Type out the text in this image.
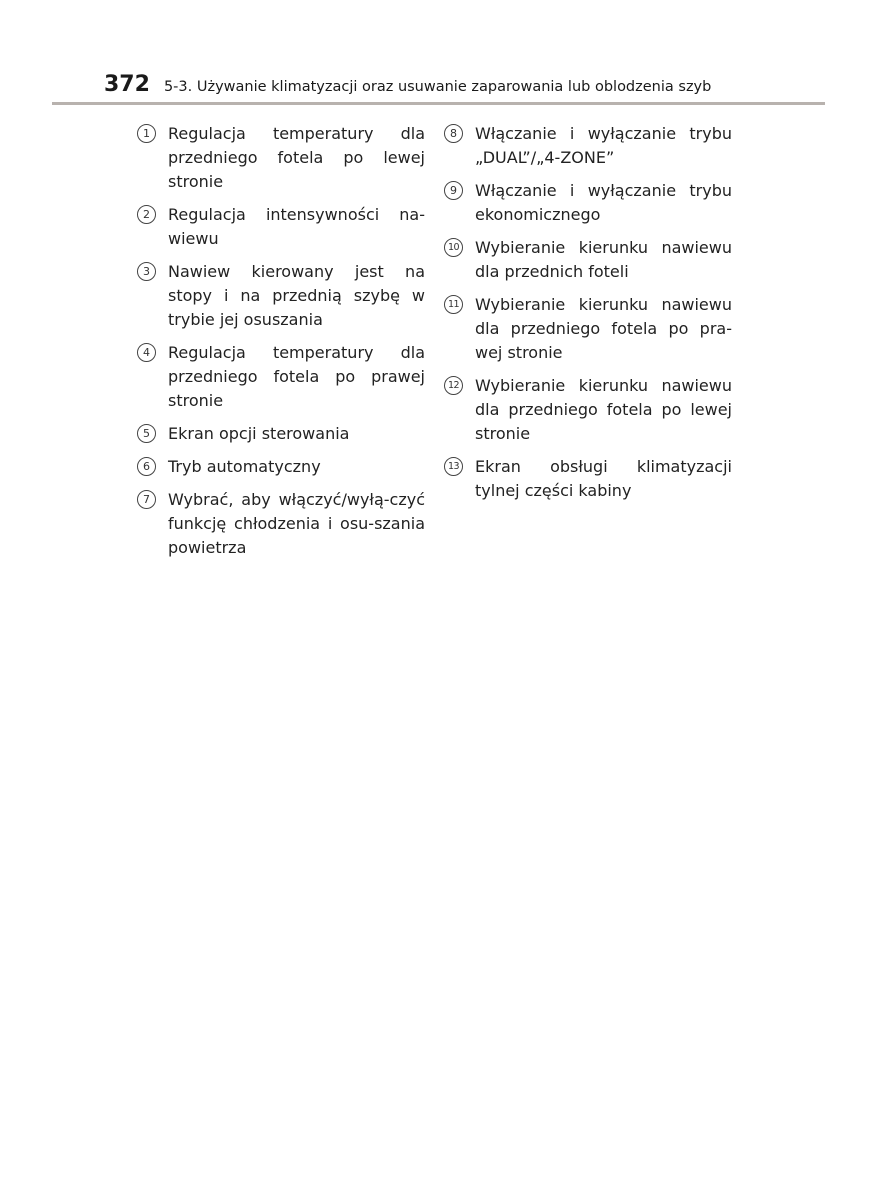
372 5-3. Używanie klimatyzacji oraz usuwanie zaparowania lub oblodzenia szyb
1	Regulacja temperatury dla przedniego fotela po lewej stronie
2	Regulacja intensywności na-wiewu
3	Nawiew kierowany jest na stopy i na przednią szybę w trybie jej osuszania
4	Regulacja temperatury dla przedniego fotela po prawej stronie
5	Ekran opcji sterowania
6	Tryb automatyczny
7	Wybrać, aby włączyć/wyłą-czyć funkcję chłodzenia i osu-szania powietrza
8	Włączanie i wyłączanie trybu „DUAL”/„4-ZONE”
9	Włączanie i wyłączanie trybu ekonomicznego
10 Wybieranie kierunku nawiewu dla przednich foteli
11 Wybieranie kierunku nawiewu dla przedniego fotela po pra-wej stronie
12 Wybieranie kierunku nawiewu dla przedniego fotela po lewej stronie
13 Ekran obsługi klimatyzacji tylnej części kabiny
